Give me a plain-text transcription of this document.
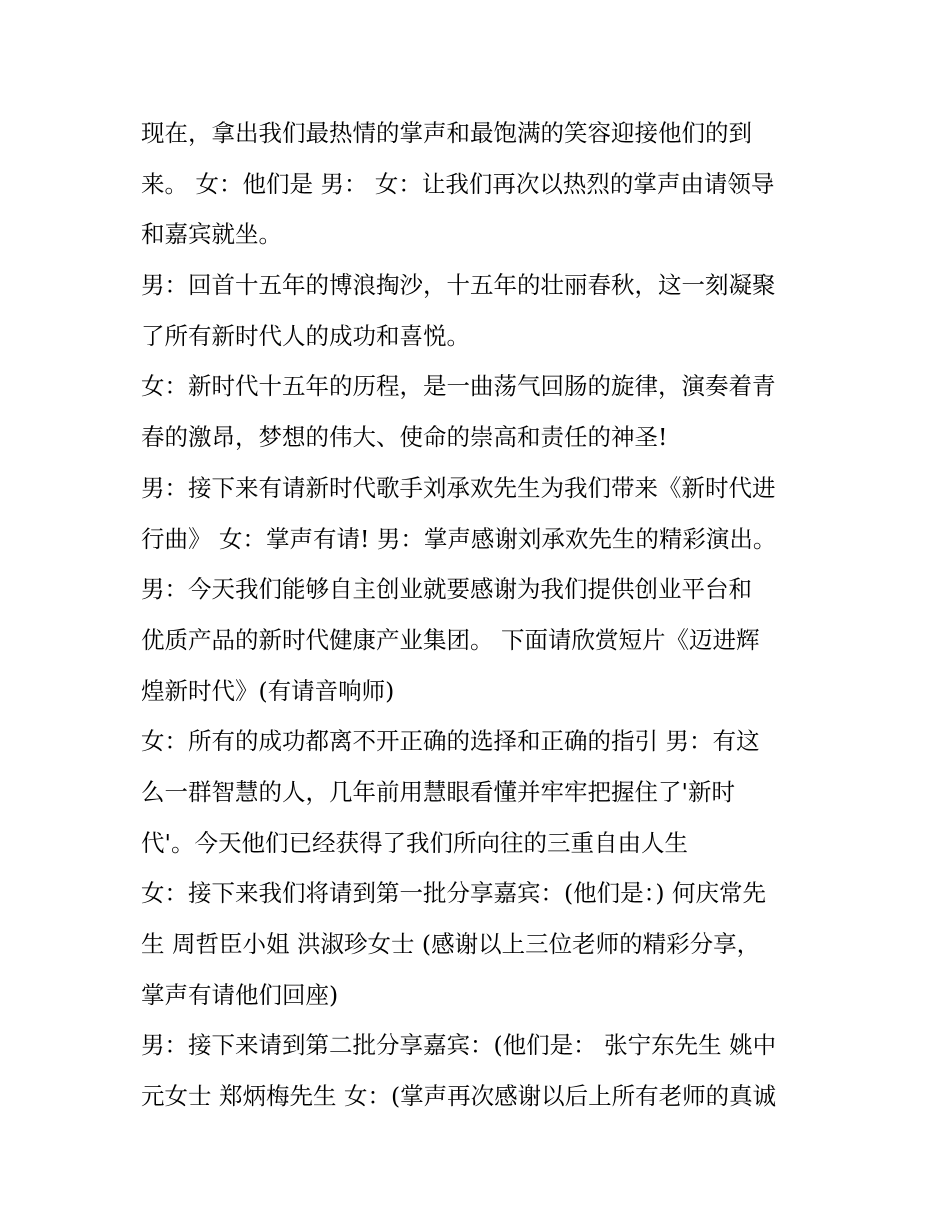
现在，拿出我们最热情的掌声和最饱满的笑容迎接他们的到
来。 女：他们是 男： 女：让我们再次以热烈的掌声由请领导
和嘉宾就坐。
男：回首十五年的博浪掏沙，十五年的壮丽春秋，这一刻凝聚
了所有新时代人的成功和喜悦。
女：新时代十五年的历程，是一曲荡气回肠的旋律，演奏着青
春的激昂，梦想的伟大、使命的崇高和责任的神圣!
男：接下来有请新时代歌手刘承欢先生为我们带来《新时代进
行曲》 女：掌声有请! 男：掌声感谢刘承欢先生的精彩演出。
男：今天我们能够自主创业就要感谢为我们提供创业平台和
优质产品的新时代健康产业集团。 下面请欣赏短片《迈进辉
煌新时代》(有请音响师)
女：所有的成功都离不开正确的选择和正确的指引 男：有这
么一群智慧的人，几年前用慧眼看懂并牢牢把握住了'新时
代'。今天他们已经获得了我们所向往的三重自由人生
女：接下来我们将请到第一批分享嘉宾：(他们是：) 何庆常先
生 周哲臣小姐 洪淑珍女士 (感谢以上三位老师的精彩分享，
掌声有请他们回座)
男：接下来请到第二批分享嘉宾：(他们是： 张宁东先生 姚中
元女士 郑炳梅先生 女：(掌声再次感谢以后上所有老师的真诚
